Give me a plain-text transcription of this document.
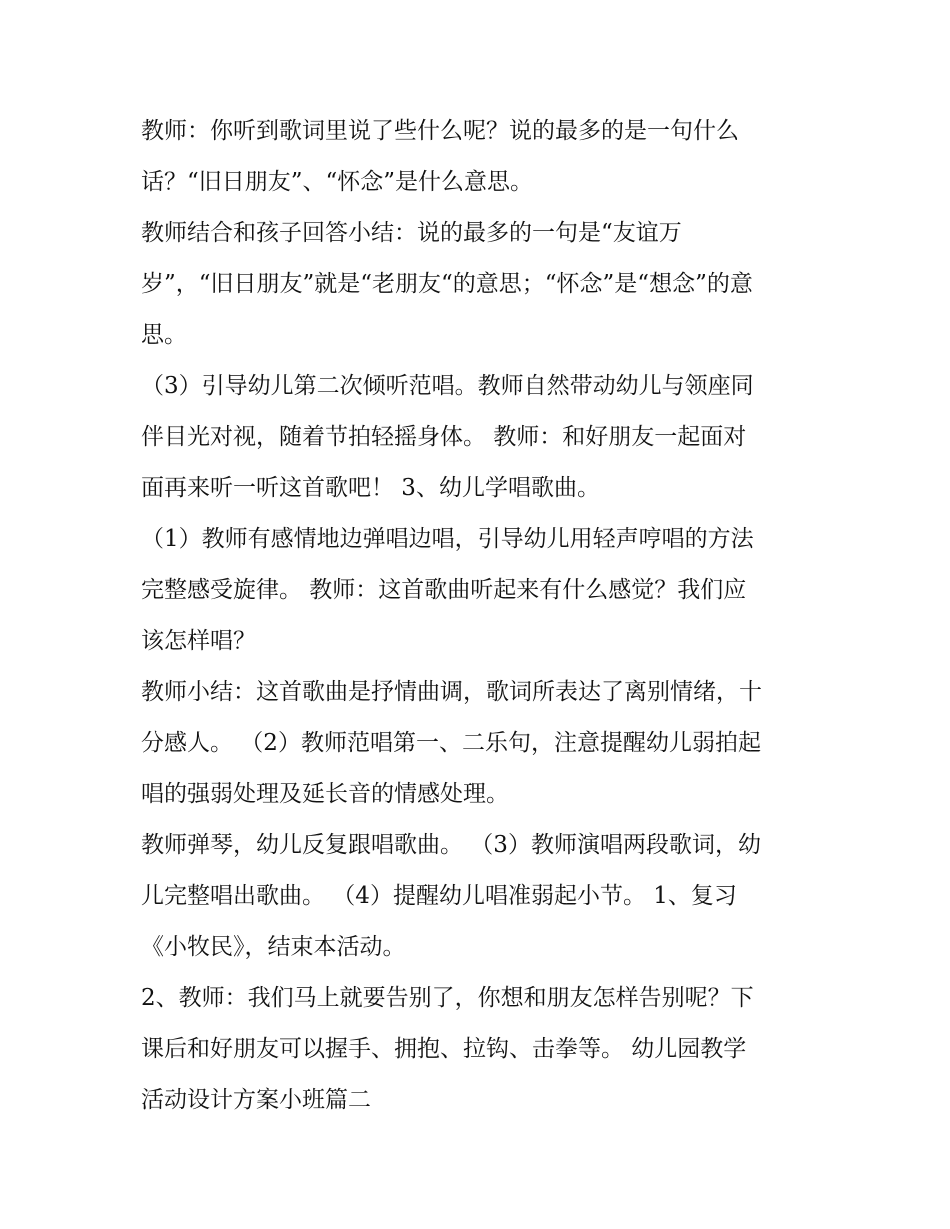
教师：你听到歌词里说了些什么呢？说的最多的是一句什么
话？“旧日朋友”、“怀念”是什么意思。
教师结合和孩子回答小结：说的最多的一句是“友谊万
岁”，“旧日朋友”就是“老朋友“的意思；“怀念”是“想念”的意
思。
（3）引导幼儿第二次倾听范唱。教师自然带动幼儿与领座同
伴目光对视，随着节拍轻摇身体。 教师：和好朋友一起面对
面再来听一听这首歌吧！ 3、幼儿学唱歌曲。
（1）教师有感情地边弹唱边唱，引导幼儿用轻声哼唱的方法
完整感受旋律。 教师：这首歌曲听起来有什么感觉？我们应
该怎样唱？
教师小结：这首歌曲是抒情曲调，歌词所表达了离别情绪，十
分感人。 （2）教师范唱第一、二乐句，注意提醒幼儿弱拍起
唱的强弱处理及延长音的情感处理。
教师弹琴，幼儿反复跟唱歌曲。 （3）教师演唱两段歌词，幼
儿完整唱出歌曲。 （4）提醒幼儿唱准弱起小节。 1、复习
《小牧民》，结束本活动。
2、教师：我们马上就要告别了，你想和朋友怎样告别呢？下
课后和好朋友可以握手、拥抱、拉钩、击拳等。 幼儿园教学
活动设计方案小班篇二
